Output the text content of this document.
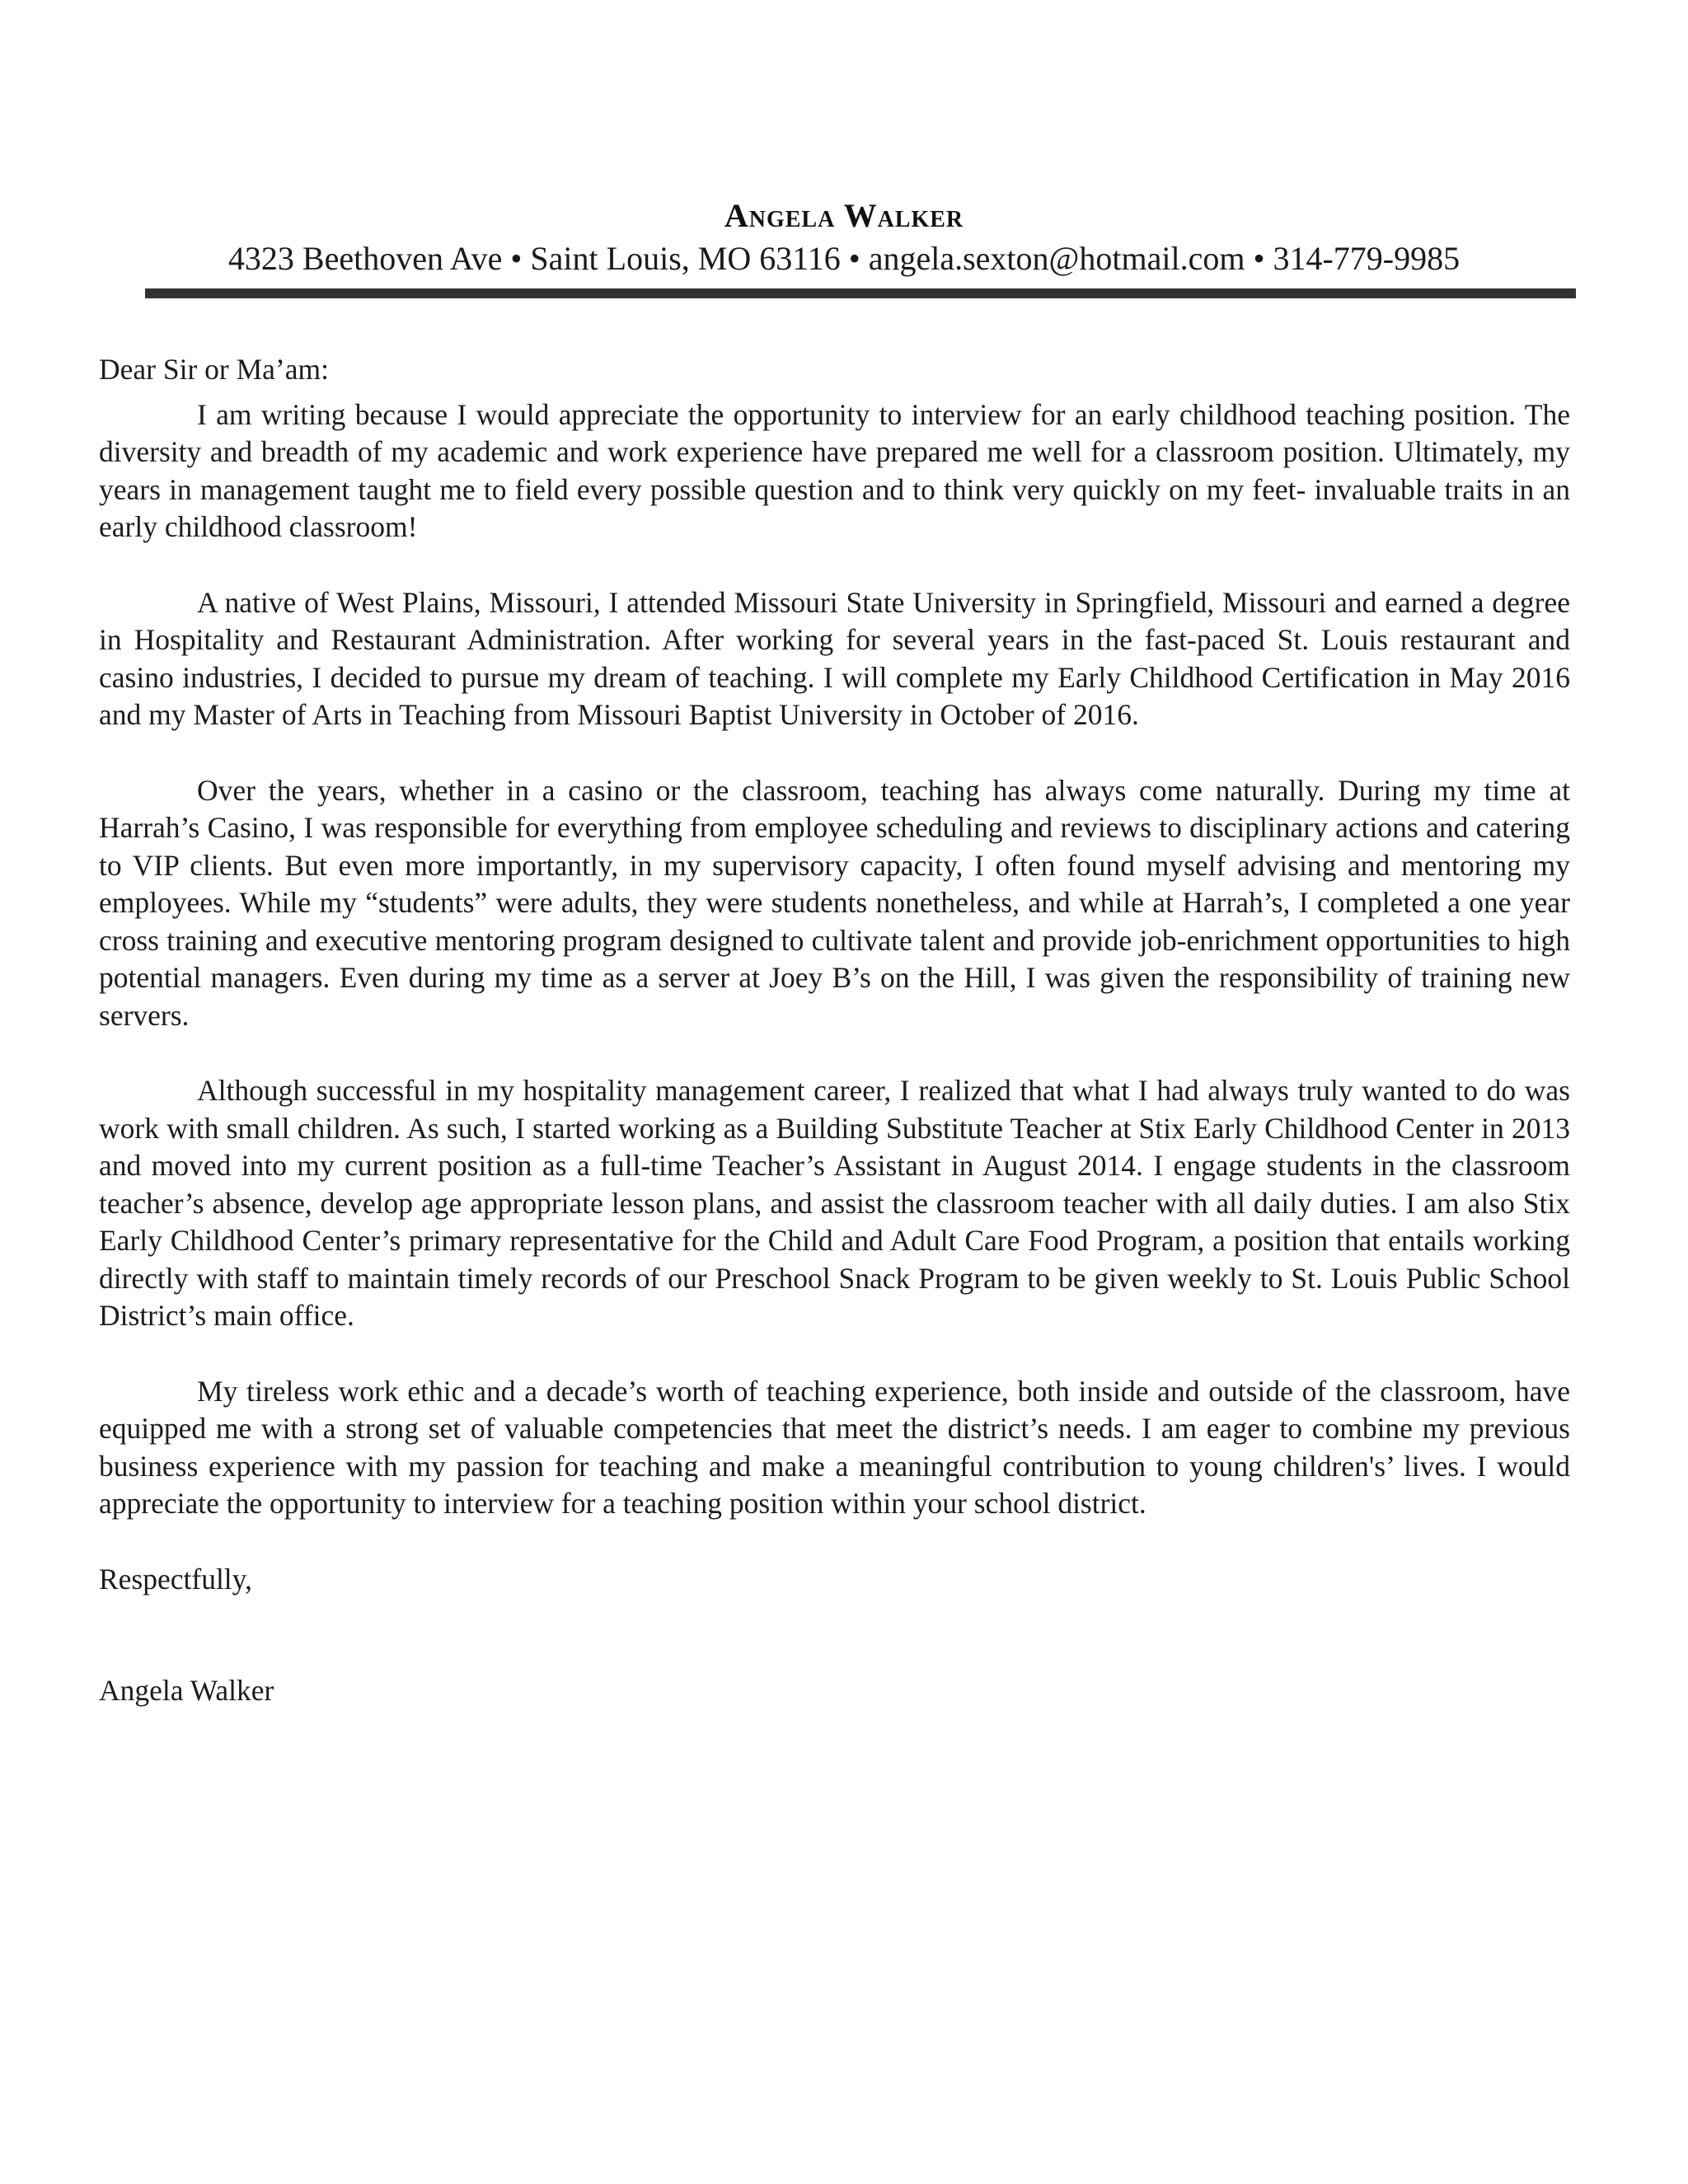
Angela Walker
4323 Beethoven Ave • Saint Louis, MO 63116 • angela.sexton@hotmail.com • 314-779-9985

Dear Sir or Ma’am:

I am writing because I would appreciate the opportunity to interview for an early childhood teaching position. The diversity and breadth of my academic and work experience have prepared me well for a classroom position. Ultimately, my years in management taught me to field every possible question and to think very quickly on my feet- invaluable traits in an early childhood classroom!

A native of West Plains, Missouri, I attended Missouri State University in Springfield, Missouri and earned a degree in Hospitality and Restaurant Administration. After working for several years in the fast-paced St. Louis restaurant and casino industries, I decided to pursue my dream of teaching. I will complete my Early Childhood Certification in May 2016 and my Master of Arts in Teaching from Missouri Baptist University in October of 2016.

Over the years, whether in a casino or the classroom, teaching has always come naturally. During my time at Harrah’s Casino, I was responsible for everything from employee scheduling and reviews to disciplinary actions and catering to VIP clients. But even more importantly, in my supervisory capacity, I often found myself advising and mentoring my employees. While my “students” were adults, they were students nonetheless, and while at Harrah’s, I completed a one year cross training and executive mentoring program designed to cultivate talent and provide job-enrichment opportunities to high potential managers. Even during my time as a server at Joey B’s on the Hill, I was given the responsibility of training new servers.

Although successful in my hospitality management career, I realized that what I had always truly wanted to do was work with small children. As such, I started working as a Building Substitute Teacher at Stix Early Childhood Center in 2013 and moved into my current position as a full-time Teacher’s Assistant in August 2014. I engage students in the classroom teacher’s absence, develop age appropriate lesson plans, and assist the classroom teacher with all daily duties. I am also Stix Early Childhood Center’s primary representative for the Child and Adult Care Food Program, a position that entails working directly with staff to maintain timely records of our Preschool Snack Program to be given weekly to St. Louis Public School District’s main office.

My tireless work ethic and a decade’s worth of teaching experience, both inside and outside of the classroom, have equipped me with a strong set of valuable competencies that meet the district’s needs. I am eager to combine my previous business experience with my passion for teaching and make a meaningful contribution to young children's’ lives. I would appreciate the opportunity to interview for a teaching position within your school district.

Respectfully,

Angela Walker
